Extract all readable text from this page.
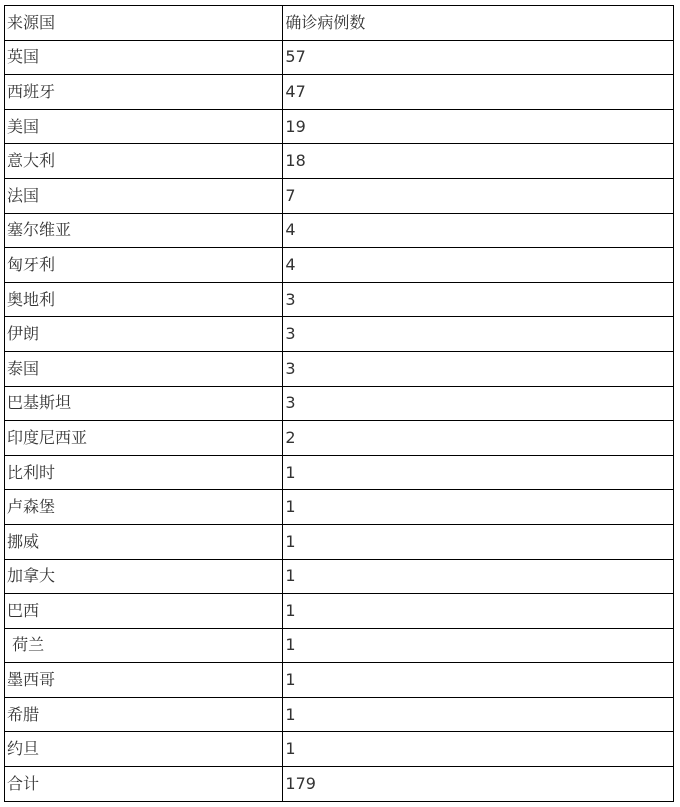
来源国	确诊病例数
英国	57
西班牙	47
美国	19
意大利	18
法国	7
塞尔维亚	4
匈牙利	4
奥地利	3
伊朗	3
泰国	3
巴基斯坦	3
印度尼西亚	2
比利时	1
卢森堡	1
挪威	1
加拿大	1
巴西	1
荷兰	1
墨西哥	1
希腊	1
约旦	1
合计	179
